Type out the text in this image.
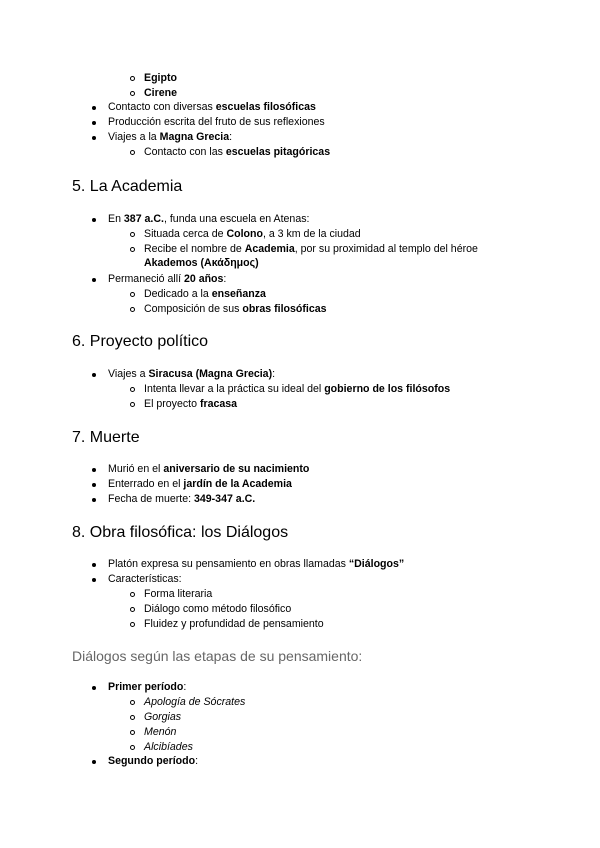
Egipto
Cirene
Contacto con diversas escuelas filosóficas
Producción escrita del fruto de sus reflexiones
Viajes a la Magna Grecia:
Contacto con las escuelas pitagóricas
5. La Academia
En 387 a.C., funda una escuela en Atenas:
Situada cerca de Colono, a 3 km de la ciudad
Recibe el nombre de Academia, por su proximidad al templo del héroe
Akademos (Ακάδημος)
Permaneció allí 20 años:
Dedicado a la enseñanza
Composición de sus obras filosóficas
6. Proyecto político
Viajes a Siracusa (Magna Grecia):
Intenta llevar a la práctica su ideal del gobierno de los filósofos
El proyecto fracasa
7. Muerte
Murió en el aniversario de su nacimiento
Enterrado en el jardín de la Academia
Fecha de muerte: 349-347 a.C.
8. Obra filosófica: los Diálogos
Platón expresa su pensamiento en obras llamadas “Diálogos”
Características:
Forma literaria
Diálogo como método filosófico
Fluidez y profundidad de pensamiento
Diálogos según las etapas de su pensamiento:
Primer período:
Apología de Sócrates
Gorgias
Menón
Alcibíades
Segundo período:
